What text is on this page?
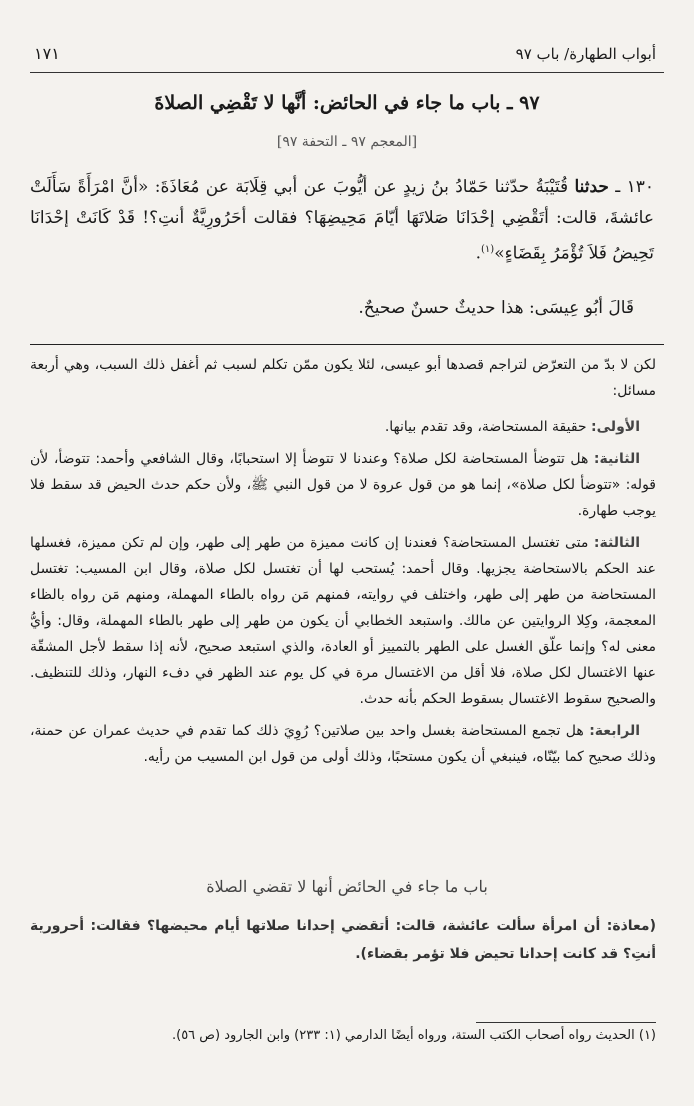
أبواب الطهارة/ باب ٩٧
١٧١
٩٧ ـ باب ما جاء في الحائض: أنَّها لا تَقْضِي الصلاةَ
[المعجم ٩٧ ـ التحفة ٩٧]
١٣٠ ـ حدثنا قُتَيْبَةُ حدّثنا حَمّادُ بنُ زيدٍ عن أيُّوبَ عن أبي قِلَابَة عن مُعَاذَةَ: «أنَّ امْرَأَةً سَأَلَتْ عائشةَ، قالت: أتَقْضِي إحْدَانَا صَلاتَهَا أيّامَ مَحِيضِهَا؟ فقالت أحَرُورِيَّةٌ أنتِ؟! قَدْ كَانَتْ إحْدَانَا تَحِيضُ فَلاَ تُؤْمَرُ بِقَضَاءٍ»$^{(١)}$.
قَالَ أبُو عِيسَى: هذا حديثٌ حسنٌ صحيحٌ.

لكن لا بدّ من التعرّض لتراجم قصدها أبو عيسى، لئلا يكون ممّن تكلم لسبب ثم أغفل ذلك السبب، وهي أربعة مسائل:

الأولى: حقيقة المستحاضة، وقد تقدم بيانها.

الثانية: هل تتوضأ المستحاضة لكل صلاة؟ وعندنا لا تتوضأ إلا استحبابًا، وقال الشافعي وأحمد: تتوضأ، لأن قوله: «تتوضأ لكل صلاة»، إنما هو من قول عروة لا من قول النبي ﷺ، ولأن حكم حدث الحيض قد سقط فلا يوجب طهارة.

الثالثة: متى تغتسل المستحاضة؟ فعندنا إن كانت مميزة من طهر إلى طهر، وإن لم تكن مميزة، فغسلها عند الحكم بالاستحاضة يجزيها. وقال أحمد: يُستحب لها أن تغتسل لكل صلاة، وقال ابن المسيب: تغتسل المستحاضة من طهر إلى طهر، واختلف في روايته، فمنهم مَن رواه بالطاء المهملة، ومنهم مَن رواه بالظاء المعجمة، وكِلا الروايتين عن مالك. واستبعد الخطابي أن يكون من طهر إلى طهر بالطاء المهملة، وقال: وأيُّ معنى له؟ وإنما علّق الغسل على الطهر بالتمييز أو العادة، والذي استبعد صحيح، لأنه إذا سقط لأجل المشقّة عنها الاغتسال لكل صلاة، فلا أقل من الاغتسال مرة في كل يوم عند الظهر في دفء النهار، وذلك للتنظيف. والصحيح سقوط الاغتسال بسقوط الحكم بأنه حدث.

الرابعة: هل تجمع المستحاضة بغسل واحد بين صلاتين؟ رُوِيَ ذلك كما تقدم في حديث عمران عن حمنة، وذلك صحيح كما بيّنّاه، فينبغي أن يكون مستحبًا، وذلك أولى من قول ابن المسيب من رأيه.

باب ما جاء في الحائض أنها لا تقضي الصلاة
(معاذة: أن امرأة سألت عائشة، قالت: أتقضي إحدانا صلاتها أيام محيضها؟ فقالت: أحرورية أنتِ؟ قد كانت إحدانا تحيض فلا تؤمر بقضاء).
(١) الحديث رواه أصحاب الكتب الستة، ورواه أيضًا الدارمي (١: ٢٣٣) وابن الجارود (ص ٥٦).
